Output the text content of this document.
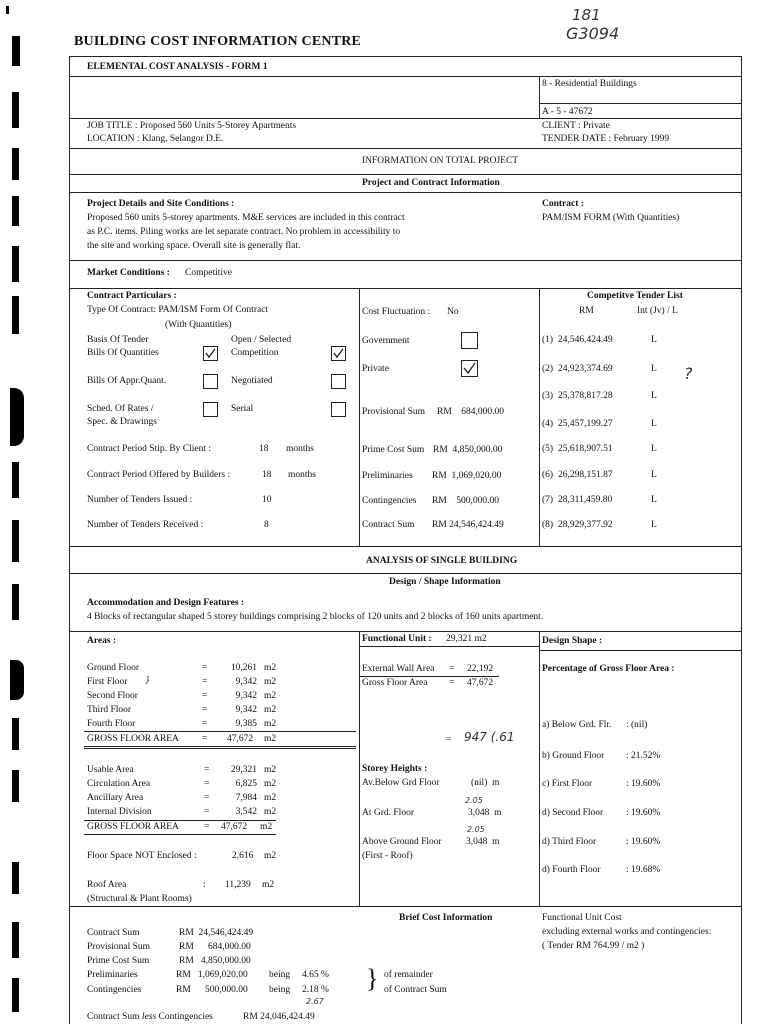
BUILDING COST INFORMATION CENTRE
181
G3094
ELEMENTAL COST ANALYSIS - FORM 1
8 - Residential Buildings
A - 5 - 47672
JOB TITLE : Proposed 560 Units 5-Storey Apartments
LOCATION : Klang, Selangor D.E.
CLIENT : Private
TENDER DATE : February 1999
INFORMATION ON TOTAL PROJECT
Project and Contract Information
Project Details and Site Conditions :
Proposed 560 units 5-storey apartments. M&E services are included in this contract
as P.C. items. Piling works are let separate contract. No problem in accessibility to
the site and working space. Overall site is generally flat.
Contract :
PAM/ISM FORM (With Quantities)
Market Conditions : Competitive
Contract Particulars :
Type Of Contract: PAM/ISM Form Of Contract
(With Quantities)
Basis Of Tender	Open / Selected
Bills Of Quantities	Competition
Bills Of Appr.Quant.	Negotiated
Sched. Of Rates /
Spec. & Drawings
Serial
Contract Period Stip. By Client :	18 months
Contract Period Offered by Builders :	18 months
Number of Tenders Issued :	10
Number of Tenders Received :	8
Cost Fluctuation : No
Government
Private
Provisional Sum RM    684,000.00
Prime Cost Sum RM  4,850,000.00
Preliminaries RM  1,069,020.00
Contingencies RM    500,000.00
Contract Sum RM 24,546,424.49
Competitve Tender List
RM	Int (Jv) / L
(1) 24,546,424.49	L
(2) 24,923,374.69	L
(3) 25,378,817.28	L
(4) 25,457,199.27	L
(5) 25,618,907.51	L
(6) 26,298,151.87	L
(7) 28,311,459.80	L
(8) 28,929,377.92	L
?
ANALYSIS OF SINGLE BUILDING
Design / Shape Information
Accommodation and Design Features :
4 Blocks of rectangular shaped 5 storey buildings comprising 2 blocks of 120 units and 2 blocks of 160 units apartment.
Areas :
Ground Floor	=	10,261 m2
First Floor	=	9,342 m2
Second Floor	=	9,342 m2
Third Floor	=	9,342 m2
Fourth Floor	=	9,385 m2
GROSS FLOOR AREA = 47,672 m2
}
Usable Area	=	29,321 m2
Circulation Area	=	6,825 m2
Ancillary Area	=	7,984 m2
Internal Division	=	3,542 m2
GROSS FLOOR AREA	= 47,672 m2
Floor Space NOT Enclosed :	2,616 m2
Roof Area	: 11,239 m2
(Structural & Plant Rooms)
Functional Unit : 29,321 m2
External Wall Area = 22,192
Gross Floor Area = 47,672
= 947 (.61
Storey Heights :
Av.Below Grd Floor	(nil)  m
2.05
At Grd. Floor	3,048  m
2.05
Above Ground Floor	3,048  m
(First - Roof)
Design Shape :
Percentage of Gross Floor Area :
a) Below Grd. Flr. : (nil)
b) Ground Floor : 21.52%
c) First Floor	: 19.60%
d) Second Floor : 19.60%
d) Third Floor	: 19.60%
d) Fourth Floor	: 19.68%
Brief Cost Information	Functional Unit Cost
excluding external works and contingencies:
( Tender RM 764.99 / m2 )
Contract Sum	RM  24,546,424.49
Provisional Sum	RM      684,000.00
Prime Cost Sum	RM   4,850,000.00
Preliminaries	RM   1,069,020.00 being 4.65 %
Contingencies	RM      500,000.00 being 2.18 %
2.67
} of remainder
of Contract Sum
Contract Sum less Contingencies	RM 24,046,424.49
